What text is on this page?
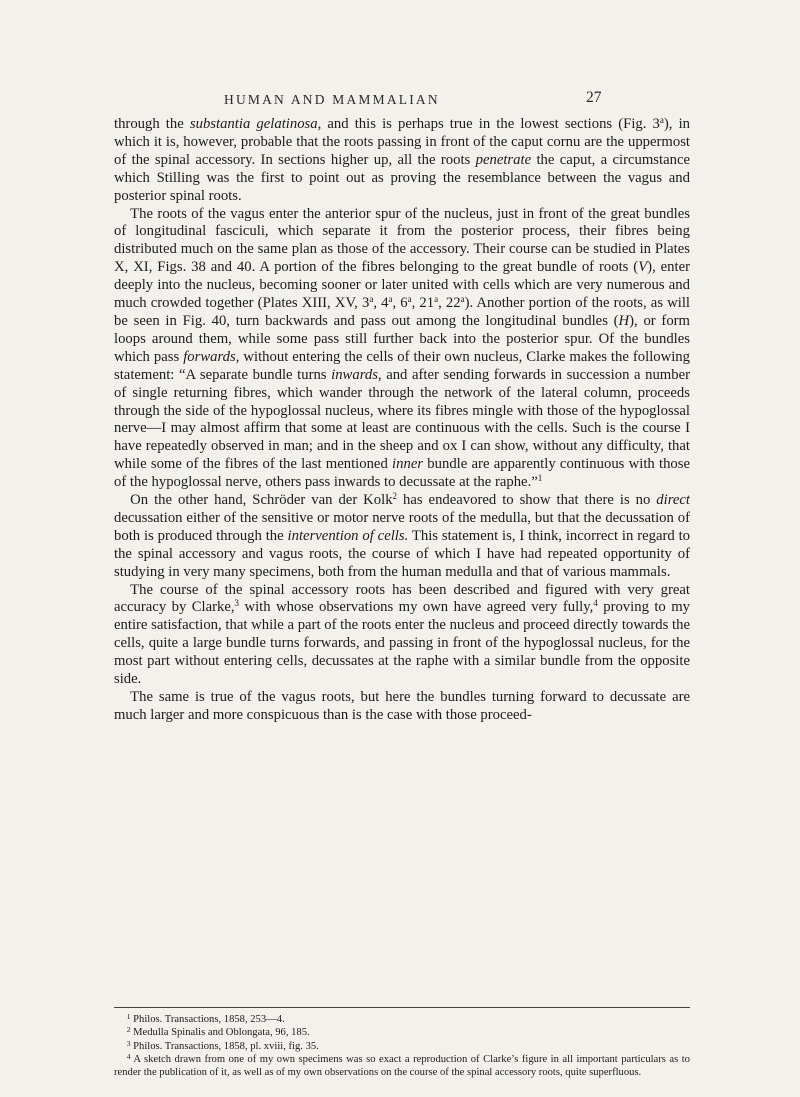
HUMAN AND MAMMALIAN	27

through the substantia gelatinosa, and this is perhaps true in the lowest sections (Fig. 3$^a$), in which it is, however, probable that the roots passing in front of the caput cornu are the uppermost of the spinal accessory. In sections higher up, all the roots penetrate the caput, a circumstance which Stilling was the first to point out as proving the resemblance between the vagus and posterior spinal roots.

The roots of the vagus enter the anterior spur of the nucleus, just in front of the great bundles of longitudinal fasciculi, which separate it from the posterior process, their fibres being distributed much on the same plan as those of the accessory. Their course can be studied in Plates X, XI, Figs. 38 and 40. A portion of the fibres belonging to the great bundle of roots (V), enter deeply into the nucleus, becoming sooner or later united with cells which are very numerous and much crowded together (Plates XIII, XV, 3$^a$, 4$^a$, 6$^a$, 21$^a$, 22$^a$). Another portion of the roots, as will be seen in Fig. 40, turn backwards and pass out among the longitudinal bundles (H), or form loops around them, while some pass still further back into the posterior spur. Of the bundles which pass forwards, without entering the cells of their own nucleus, Clarke makes the following statement: “A separate bundle turns inwards, and after sending forwards in succession a number of single returning fibres, which wander through the network of the lateral column, proceeds through the side of the hypoglossal nucleus, where its fibres mingle with those of the hypoglossal nerve—I may almost affirm that some at least are continuous with the cells. Such is the course I have repeatedly observed in man; and in the sheep and ox I can show, without any difficulty, that while some of the fibres of the last mentioned inner bundle are apparently continuous with those of the hypoglossal nerve, others pass inwards to decussate at the raphe.”$^1$

On the other hand, Schröder van der Kolk$^2$ has endeavored to show that there is no direct decussation either of the sensitive or motor nerve roots of the medulla, but that the decussation of both is produced through the intervention of cells. This statement is, I think, incorrect in regard to the spinal accessory and vagus roots, the course of which I have had repeated opportunity of studying in very many specimens, both from the human medulla and that of various mammals.

The course of the spinal accessory roots has been described and figured with very great accuracy by Clarke,$^3$ with whose observations my own have agreed very fully,$^4$ proving to my entire satisfaction, that while a part of the roots enter the nucleus and proceed directly towards the cells, quite a large bundle turns forwards, and passing in front of the hypoglossal nucleus, for the most part without entering cells, decussates at the raphe with a similar bundle from the opposite side.

The same is true of the vagus roots, but here the bundles turning forward to decussate are much larger and more conspicuous than is the case with those proceed-

$^1$ Philos. Transactions, 1858, 253—4.
$^2$ Medulla Spinalis and Oblongata, 96, 185.
$^3$ Philos. Transactions, 1858, pl. xviii, fig. 35.
$^4$ A sketch drawn from one of my own specimens was so exact a reproduction of Clarke’s figure in all important particulars as to render the publication of it, as well as of my own observations on the course of the spinal accessory roots, quite superfluous.
